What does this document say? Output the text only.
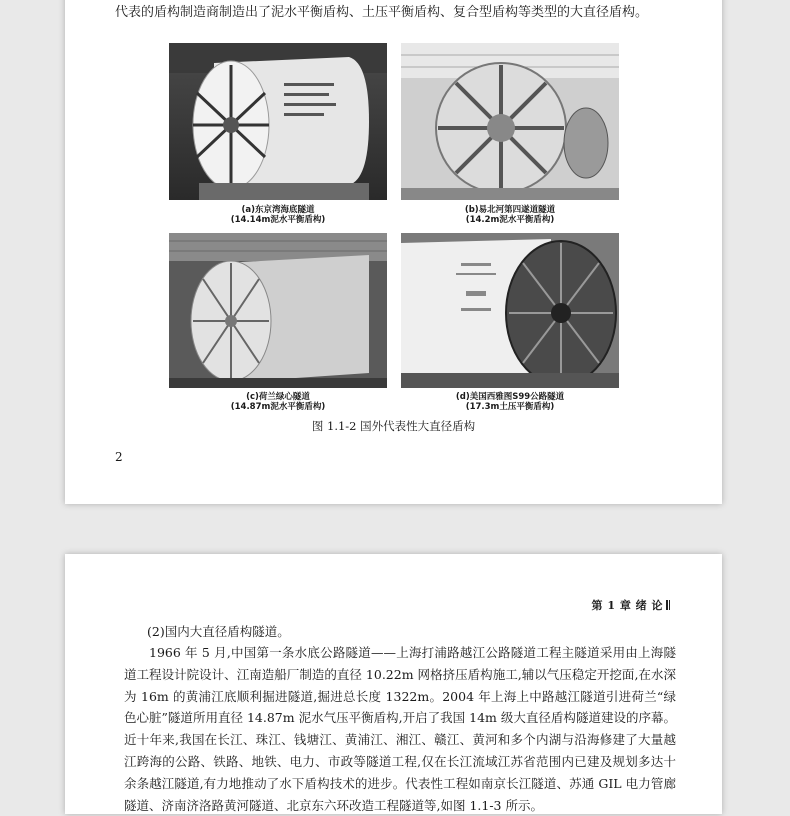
代表的盾构制造商制造出了泥水平衡盾构、土压平衡盾构、复合型盾构等类型的大直径盾构。
(a)东京湾海底隧道
(14.14m泥水平衡盾构)
(b)易北河第四遂道隧道
(14.2m泥水平衡盾构)
(c)荷兰绿心隧道
(14.87m泥水平衡盾构)
(d)美国西雅图S99公路隧道
(17.3m土压平衡盾构)
图 1.1-2 国外代表性大直径盾构
2
第 1 章 绪 论
(2)国内大直径盾构隧道。
1966 年 5 月,中国第一条水底公路隧道——上海打浦路越江公路隧道工程主隧道采用由上海隧道工程设计院设计、江南造船厂制造的直径 10.22m 网格挤压盾构施工,辅以气压稳定开挖面,在水深为 16m 的黄浦江底顺利掘进隧道,掘进总长度 1322m。2004 年上海上中路越江隧道引进荷兰“绿色心脏”隧道所用直径 14.87m 泥水气压平衡盾构,开启了我国 14m 级大直径盾构隧道建设的序幕。近十年来,我国在长江、珠江、钱塘江、黄浦江、湘江、赣江、黄河和多个内湖与沿海修建了大量越江跨海的公路、铁路、地铁、电力、市政等隧道工程,仅在长江流域江苏省范围内已建及规划多达十余条越江隧道,有力地推动了水下盾构技术的进步。代表性工程如南京长江隧道、苏通 GIL 电力管廊隧道、济南济洛路黄河隧道、北京东六环改造工程隧道等,如图 1.1-3 所示。
